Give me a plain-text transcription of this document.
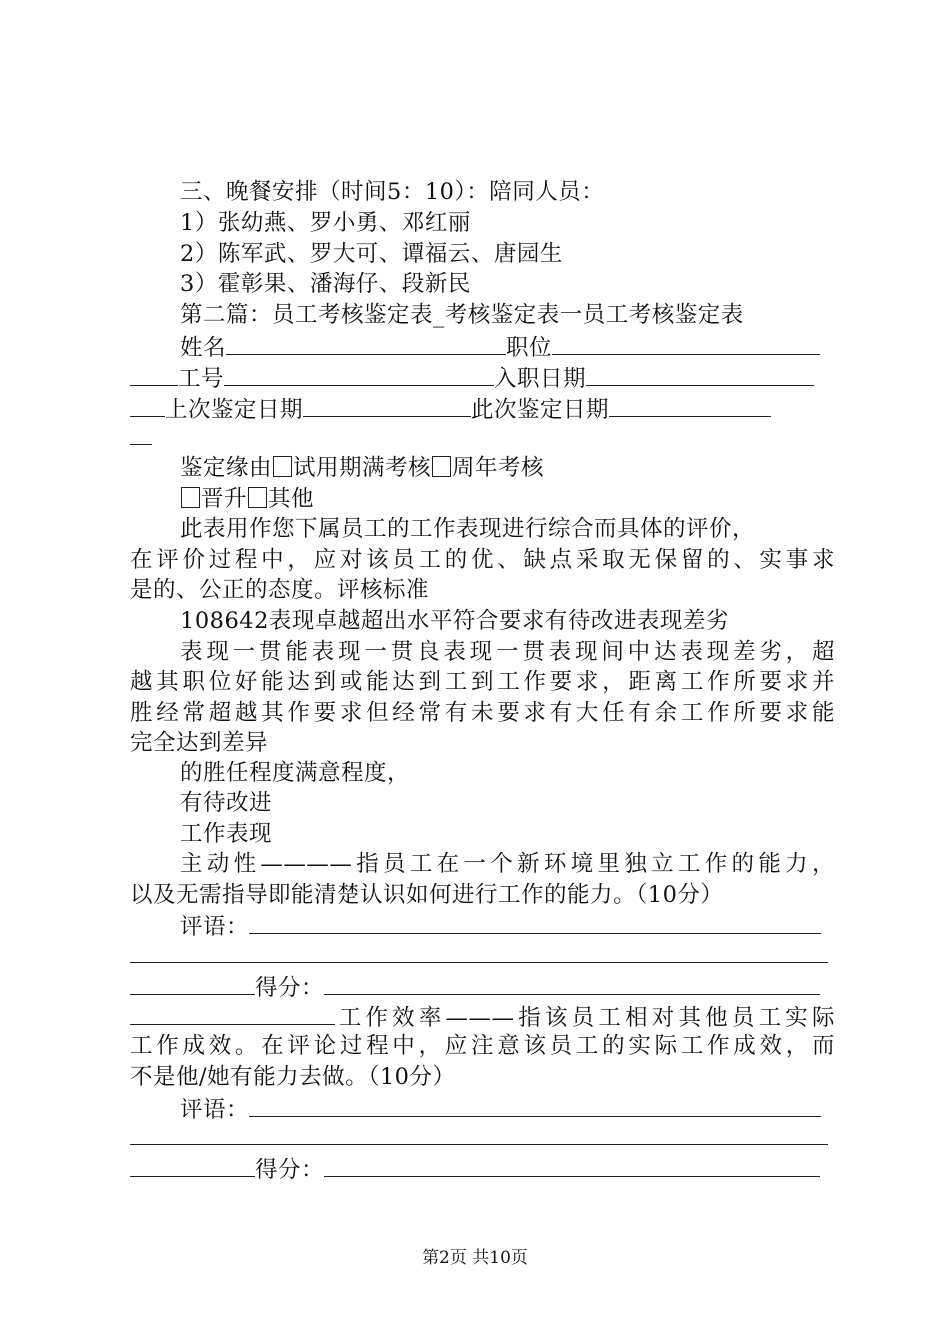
三、晚餐安排（时间5：10）：陪同人员：
1）张幼燕、罗小勇、邓红丽
2）陈军武、罗大可、谭福云、唐园生
3）霍彰果、潘海仔、段新民
第二篇：员工考核鉴定表_考核鉴定表一员工考核鉴定表
姓名	职位
工号	入职日期
上次鉴定日期	此次鉴定日期
鉴定缘由 试用期满考核 周年考核
晋升 其他
此表用作您下属员工的工作表现进行综合而具体的评价，
在评价过程中，应对该员工的优、缺点采取无保留的、实事求
是的、公正的态度。评核标准
108642表现卓越超出水平符合要求有待改进表现差劣
表现一贯能表现一贯良表现一贯表现间中达表现差劣，超
越其职位好能达到或能达到工到工作要求，距离工作所要求并
胜经常超越其作要求但经常有未要求有大任有余工作所要求能
完全达到差异
的胜任程度满意程度，
有待改进
工作表现
主动性————指员工在一个新环境里独立工作的能力，
以及无需指导即能清楚认识如何进行工作的能力。（10分）
评语：
得分：
工作效率———指该员工相对其他员工实际
工作成效。在评论过程中，应注意该员工的实际工作成效，而
不是他/她有能力去做。（10分）
评语：
得分：
第2页 共10页
